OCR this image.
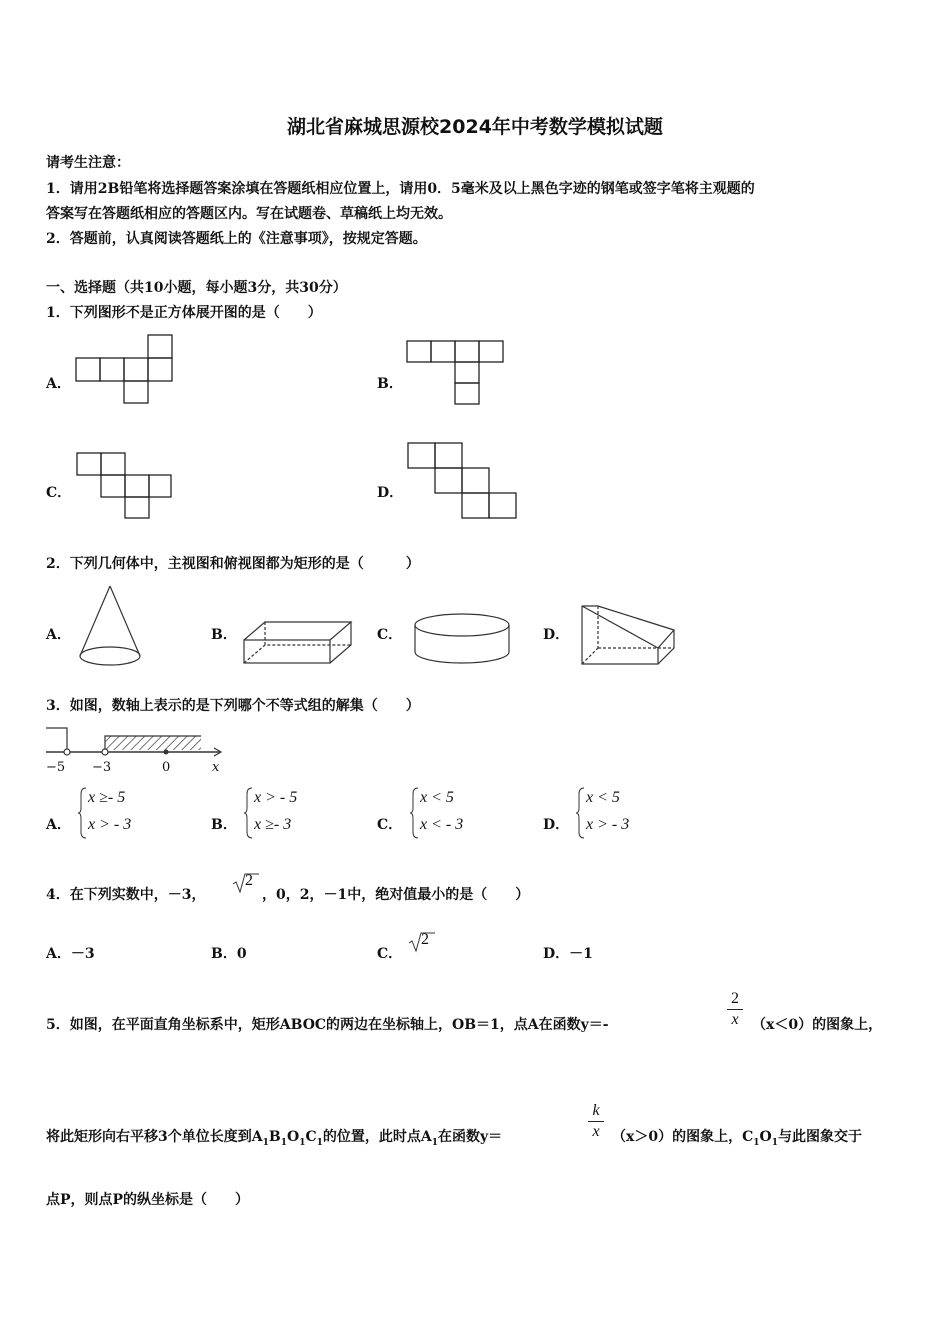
湖北省麻城思源校2024年中考数学模拟试题
请考生注意：
1．请用2B铅笔将选择题答案涂填在答题纸相应位置上，请用0．5毫米及以上黑色字迹的钢笔或签字笔将主观题的
答案写在答题纸相应的答题区内。写在试题卷、草稿纸上均无效。
2．答题前，认真阅读答题纸上的《注意事项》，按规定答题。
一、选择题（共10小题，每小题3分，共30分）
1．下列图形不是正方体展开图的是（　　）
A．	B．
C．	D．
2．下列几何体中，主视图和俯视图都为矩形的是（　　　）
A．	B．	C．	D．
3．如图，数轴上表示的是下列哪个不等式组的解集（　　）
−5 −3	0	x
A．
x ≥- 5
x > - 3	B．
x > - 5
x ≥- 3	C．
x < 5
x < - 3	D．
x < 5
x > - 3
4．在下列实数中，－3，
2
，0，2，－1中，绝对值最小的是（　　）
A．－3	B．0	C．
2
D．－1
5．如图，在平面直角坐标系中，矩形ABOC的两边在坐标轴上，OB＝1，点A在函数y＝-
2
x （x＜0）的图象上，
将此矩形向右平移3个单位长度到$A_1B_1O_1C_1$的位置，此时点$A_1$在函数y＝
k
x （x＞0）的图象上，$C_1O_1$与此图象交于
点P，则点P的纵坐标是（　　）
